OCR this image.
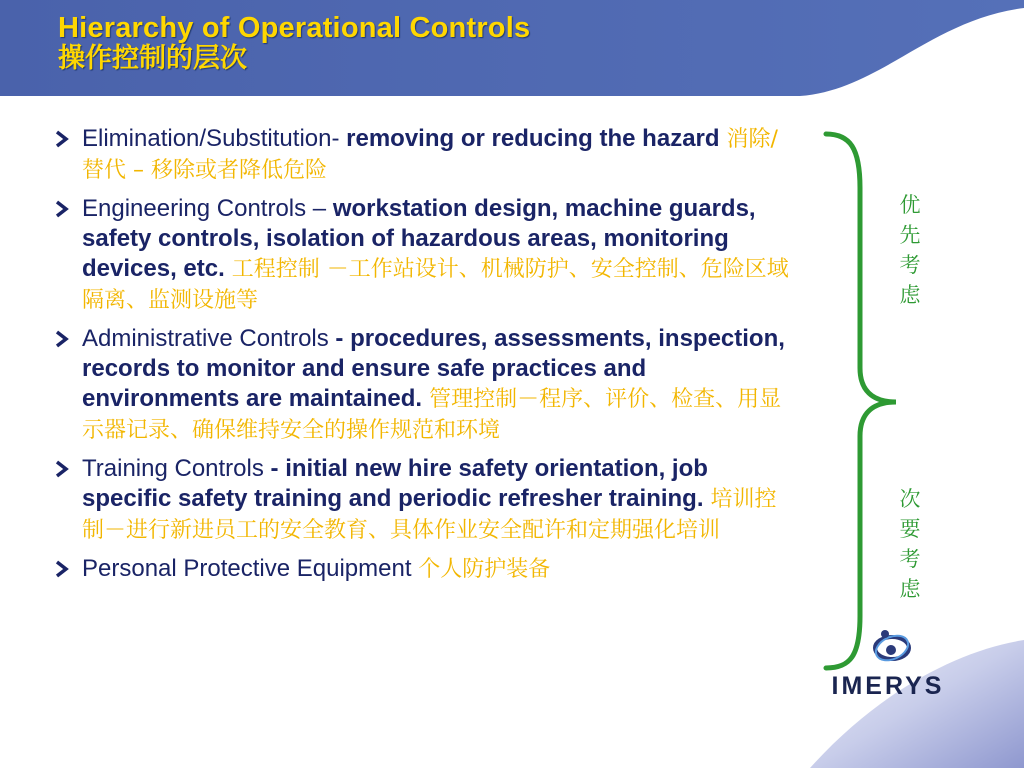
Hierarchy of Operational Controls
操作控制的层次
Elimination/Substitution- removing or reducing the hazard 消除/替代 – 移除或者降低危险
Engineering Controls – workstation design, machine guards, safety controls, isolation of hazardous areas, monitoring devices, etc. 工程控制 －工作站设计、机械防护、安全控制、危险区域隔离、监测设施等
Administrative Controls - procedures, assessments, inspection, records to monitor and ensure safe practices and environments are maintained. 管理控制－程序、评价、检查、用显示器记录、确保维持安全的操作规范和环境
Training Controls - initial new hire safety orientation, job specific safety training and periodic refresher training. 培训控制－进行新进员工的安全教育、具体作业安全配许和定期强化培训
Personal Protective Equipment 个人防护装备
优
先
考
虑
次
要
考
虑
IMERYS
